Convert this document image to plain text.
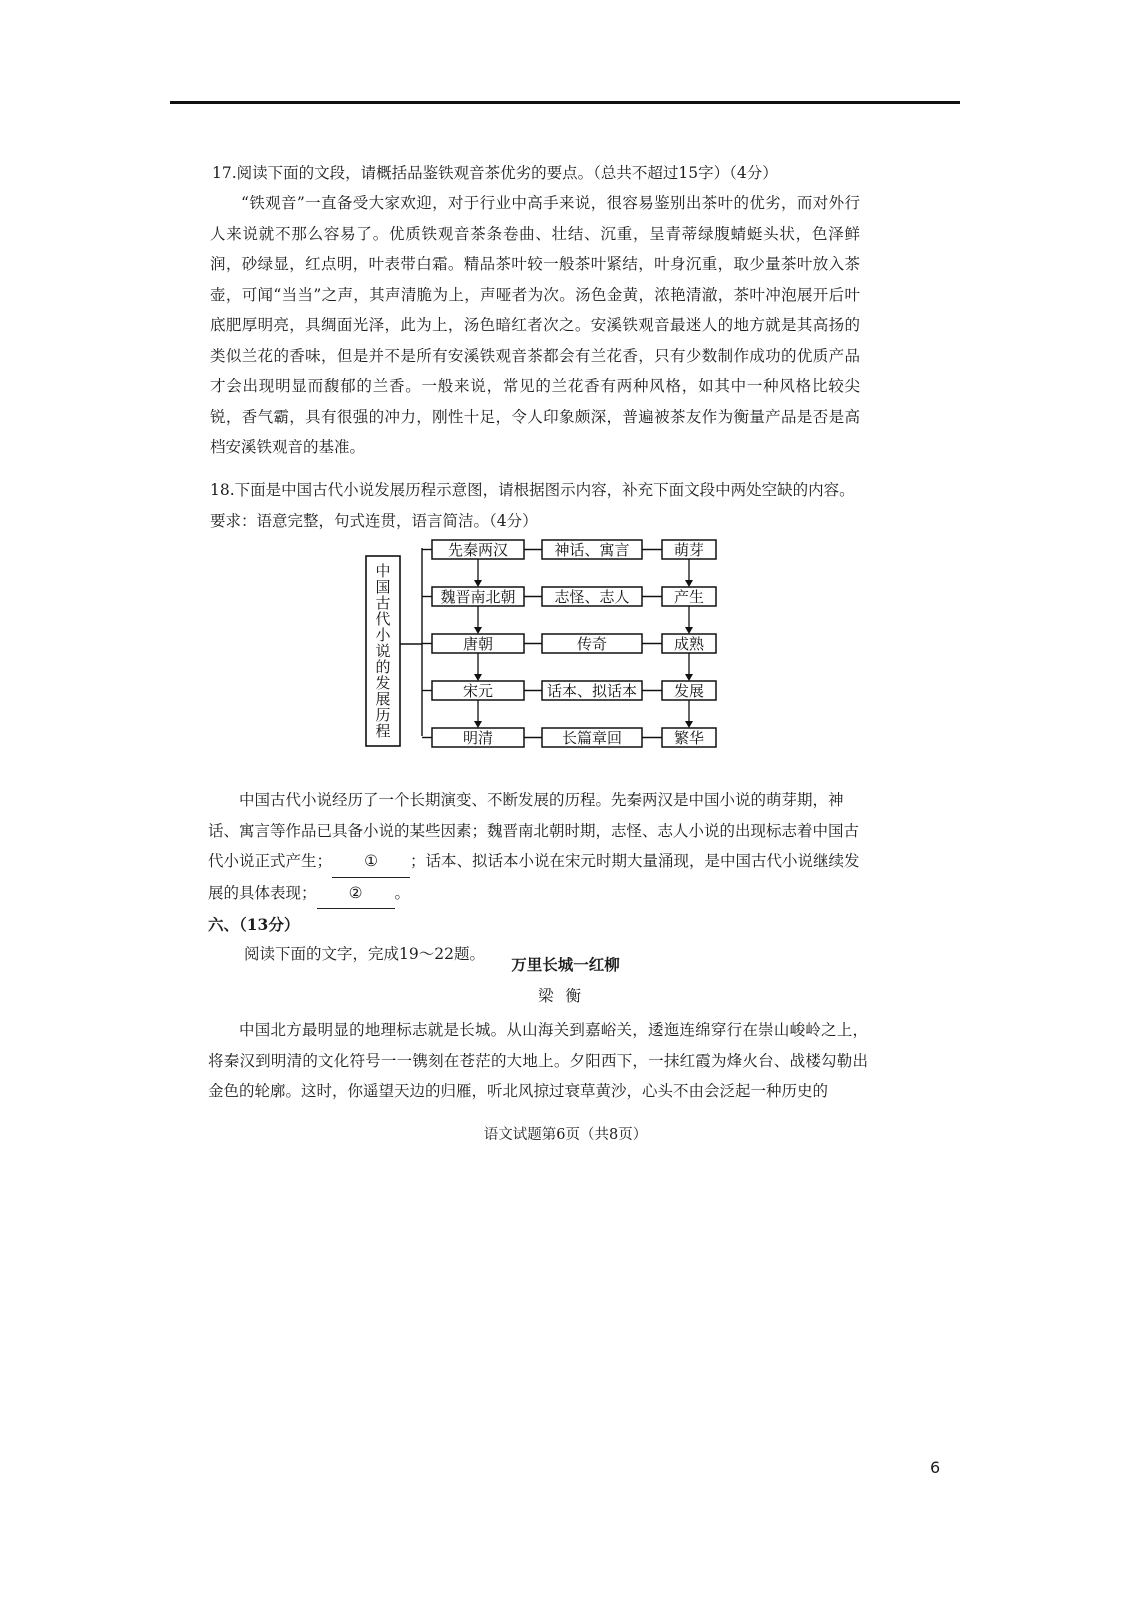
17.阅读下面的文段，请概括品鉴铁观音茶优劣的要点。（总共不超过15字）（4分）

“铁观音”一直备受大家欢迎，对于行业中高手来说，很容易鉴别出茶叶的优劣，而对外行人来说就不那么容易了。优质铁观音茶条卷曲、壮结、沉重，呈青蒂绿腹蜻蜓头状，色泽鲜润，砂绿显，红点明，叶表带白霜。精品茶叶较一般茶叶紧结，叶身沉重，取少量茶叶放入茶壶，可闻“当当”之声，其声清脆为上，声哑者为次。汤色金黄，浓艳清澈，茶叶冲泡展开后叶底肥厚明亮，具绸面光泽，此为上，汤色暗红者次之。安溪铁观音最迷人的地方就是其高扬的类似兰花的香味，但是并不是所有安溪铁观音茶都会有兰花香，只有少数制作成功的优质产品才会出现明显而馥郁的兰香。一般来说，常见的兰花香有两种风格，如其中一种风格比较尖锐，香气霸，具有很强的冲力，刚性十足，令人印象颇深，普遍被茶友作为衡量产品是否是高档安溪铁观音的基准。

18.下面是中国古代小说发展历程示意图，请根据图示内容，补充下面文段中两处空缺的内容。
要求：语意完整，句式连贯，语言简洁。（4分）
中
国
古
代
小
说
的
发
展
历
程
先秦两汉	神话、寓言	萌芽
魏晋南北朝	志怪、志人	产生
唐朝	传奇	成熟
宋元	话本、拟话本 发展
明清	长篇章回	繁华
中国古代小说经历了一个长期演变、不断发展的历程。先秦两汉是中国小说的萌芽期，神话、寓言等作品已具备小说的某些因素；魏晋南北朝时期，志怪、志人小说的出现标志着中国古代小说正式产生； ① ；话本、拟话本小说在宋元时期大量涌现，是中国古代小说继续发展的具体表现； ② 。

六、（13分）

阅读下面的文字，完成19～22题。

万里长城一红柳

梁衡

中国北方最明显的地理标志就是长城。从山海关到嘉峪关，逶迤连绵穿行在崇山峻岭之上，将秦汉到明清的文化符号一一镌刻在苍茫的大地上。夕阳西下，一抹红霞为烽火台、战楼勾勒出金色的轮廓。这时，你遥望天边的归雁，听北风掠过衰草黄沙，心头不由会泛起一种历史的

语文试题第6页（共8页）

6
